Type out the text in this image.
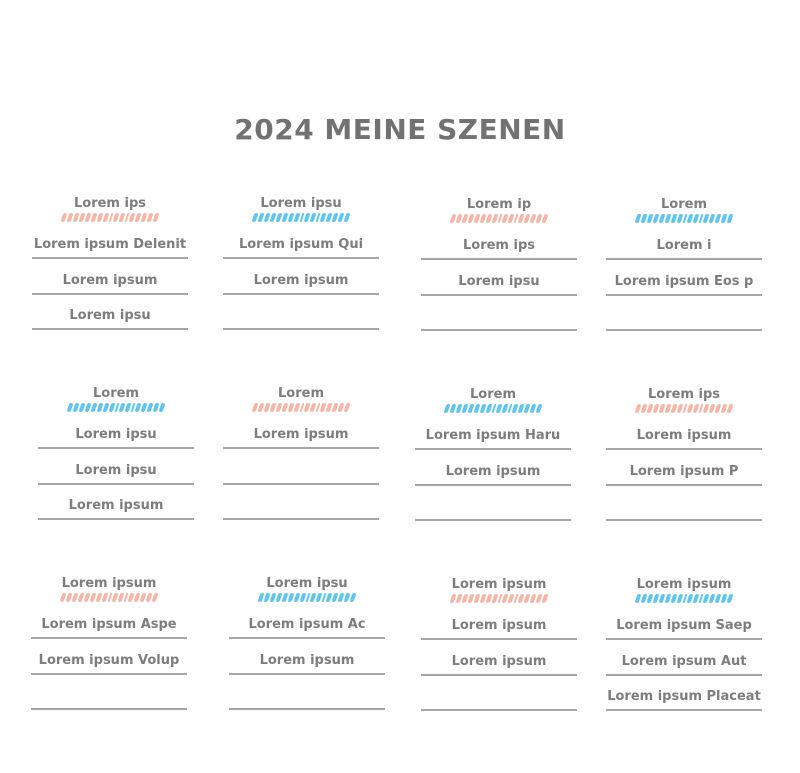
2024 MEINE SZENEN
Lorem ips
Lorem ipsum Delenit
Lorem ipsum
Lorem ipsu
Lorem ipsu
Lorem ipsum Qui
Lorem ipsum
Lorem ip
Lorem ips
Lorem ipsu
Lorem
Lorem i
Lorem ipsum Eos p
Lorem
Lorem ipsu
Lorem ipsu
Lorem ipsum
Lorem
Lorem ipsum
Lorem
Lorem ipsum Haru
Lorem ipsum
Lorem ips
Lorem ipsum
Lorem ipsum P
Lorem ipsum
Lorem ipsum Aspe
Lorem ipsum Volup
Lorem ipsu
Lorem ipsum Ac
Lorem ipsum
Lorem ipsum
Lorem ipsum
Lorem ipsum
Lorem ipsum
Lorem ipsum Saep
Lorem ipsum Aut
Lorem ipsum Placeat
